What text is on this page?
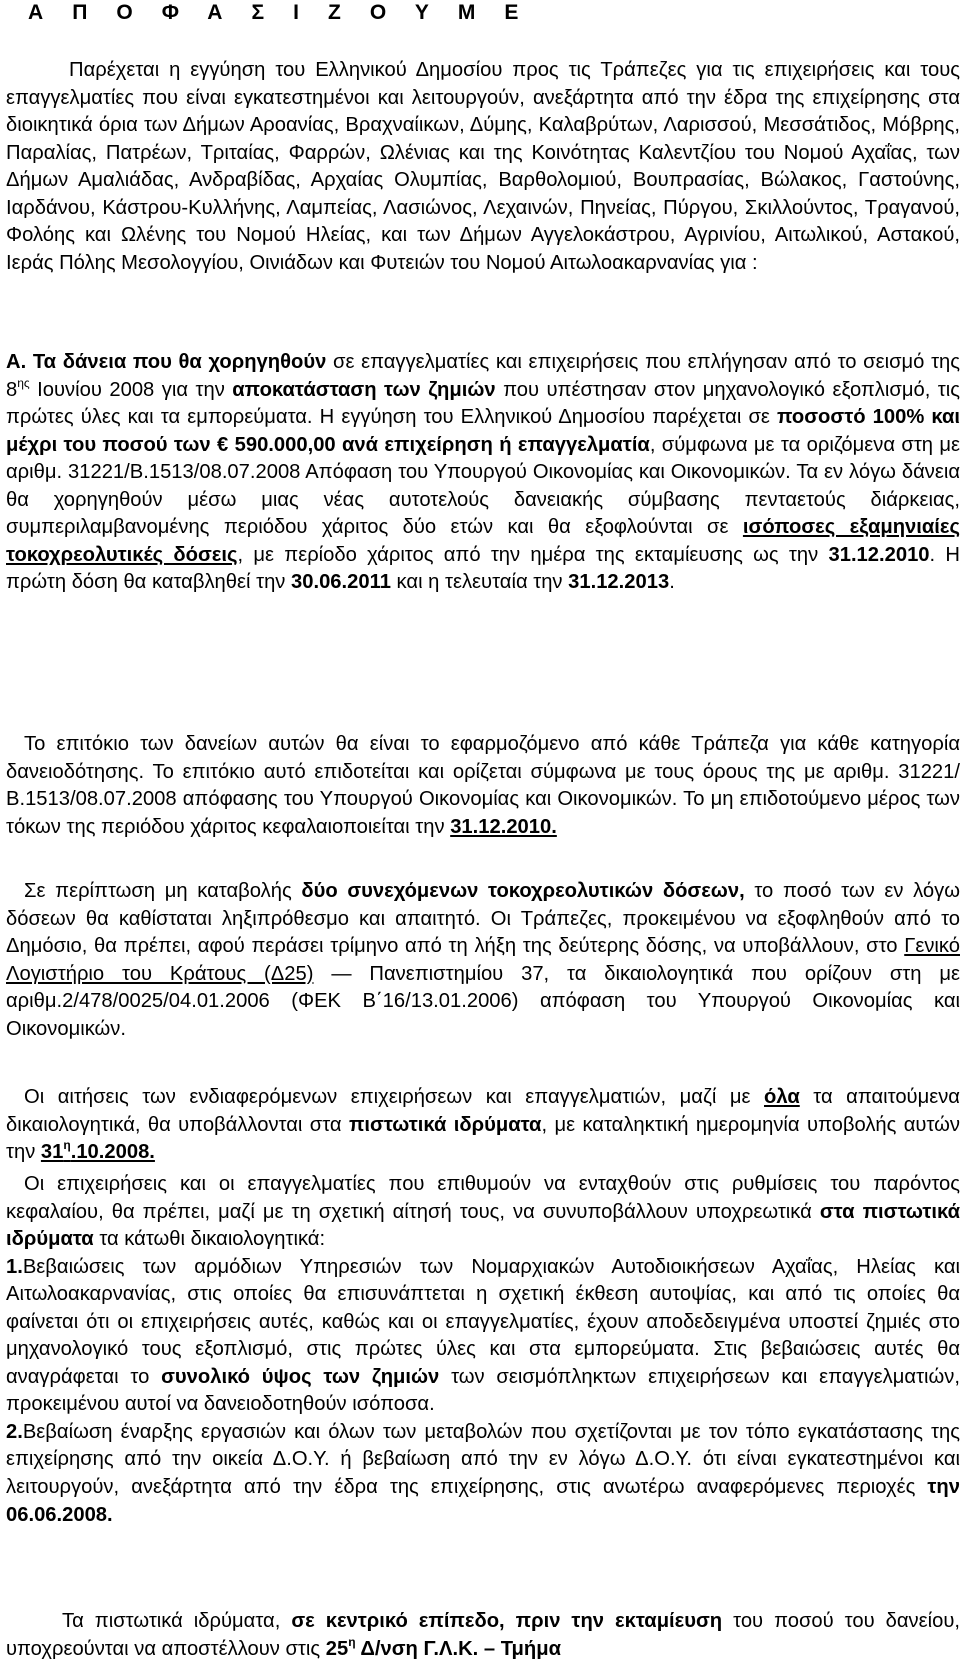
Α Π Ο Φ Α Σ Ι Ζ Ο Υ Μ Ε
Παρέχεται η εγγύηση του Ελληνικού Δημοσίου προς τις Τράπεζες για τις επιχειρήσεις και τους επαγγελματίες που είναι εγκατεστημένοι και λειτουργούν, ανεξάρτητα από την έδρα της επιχείρησης στα διοικητικά όρια των Δήμων Αροανίας, Βραχναίικων, Δύμης, Καλαβρύτων, Λαρισσού, Μεσσάτιδος, Μόβρης, Παραλίας, Πατρέων, Τριταίας, Φαρρών, Ωλένιας και της Κοινότητας Καλεντζίου του Νομού Αχαΐας, των Δήμων Αμαλιάδας, Ανδραβίδας, Αρχαίας Ολυμπίας, Βαρθολομιού, Βουπρασίας, Βώλακος, Γαστούνης, Ιαρδάνου, Κάστρου-Κυλλήνης, Λαμπείας, Λασιώνος, Λεχαινών, Πηνείας, Πύργου, Σκιλλούντος, Τραγανού, Φολόης και Ωλένης του Νομού Ηλείας, και των Δήμων Αγγελοκάστρου, Αγρινίου, Αιτωλικού, Αστακού, Ιεράς Πόλης Μεσολογγίου, Οινιάδων και Φυτειών του Νομού Αιτωλοακαρνανίας για :
Α. Τα δάνεια που θα χορηγηθούν σε επαγγελματίες και επιχειρήσεις που επλήγησαν από το σεισμό της $8^{\eta\varsigma}$ Ιουνίου 2008 για την αποκατάσταση των ζημιών που υπέστησαν στον μηχανολογικό εξοπλισμό, τις πρώτες ύλες και τα εμπορεύματα. Η εγγύηση του Ελληνικού Δημοσίου παρέχεται σε ποσοστό 100% και μέχρι του ποσού των € 590.000,00 ανά επιχείρηση ή επαγγελματία, σύμφωνα με τα οριζόμενα στη με αριθμ. 31221/Β.1513/08.07.2008 Απόφαση του Υπουργού Οικονομίας και Οικονομικών. Τα εν λόγω δάνεια θα χορηγηθούν μέσω μιας νέας αυτοτελούς δανειακής σύμβασης πενταετούς διάρκειας, συμπεριλαμβανομένης περιόδου χάριτος δύο ετών και θα εξοφλούνται σε ισόποσες εξαμηνιαίες τοκοχρεολυτικές δόσεις, με περίοδο χάριτος από την ημέρα της εκταμίευσης ως την 31.12.2010. Η πρώτη δόση θα καταβληθεί την 30.06.2011 και η τελευταία την 31.12.2013.
Το επιτόκιο των δανείων αυτών θα είναι το εφαρμοζόμενο από κάθε Τράπεζα για κάθε κατηγορία δανειοδότησης. Το επιτόκιο αυτό επιδοτείται και ορίζεται σύμφωνα με τους όρους της με αριθμ. 31221/Β.1513/08.07.2008 απόφασης του Υπουργού Οικονομίας και Οικονομικών. Το μη επιδοτούμενο μέρος των τόκων της περιόδου χάριτος κεφαλαιοποιείται την 31.12.2010.
Σε περίπτωση μη καταβολής δύο συνεχόμενων τοκοχρεολυτικών δόσεων, το ποσό των εν λόγω δόσεων θα καθίσταται ληξιπρόθεσμο και απαιτητό. Οι Τράπεζες, προκειμένου να εξοφληθούν από το Δημόσιο, θα πρέπει, αφού περάσει τρίμηνο από τη λήξη της δεύτερης δόσης, να υποβάλλουν, στο Γενικό Λογιστήριο του Κράτους (Δ25) — Πανεπιστημίου 37, τα δικαιολογητικά που ορίζουν στη με αριθμ.2/478/0025/04.01.2006 (ΦΕΚ Β΄16/13.01.2006) απόφαση του Υπουργού Οικονομίας και Οικονομικών.
Οι αιτήσεις των ενδιαφερόμενων επιχειρήσεων και επαγγελματιών, μαζί με όλα τα απαιτούμενα δικαιολογητικά, θα υποβάλλονται στα πιστωτικά ιδρύματα, με καταληκτική ημερομηνία υποβολής αυτών την $31^\eta.10.2008$.
Οι επιχειρήσεις και οι επαγγελματίες που επιθυμούν να ενταχθούν στις ρυθμίσεις του παρόντος κεφαλαίου, θα πρέπει, μαζί με τη σχετική αίτησή τους, να συνυποβάλλουν υποχρεωτικά στα πιστωτικά ιδρύματα τα κάτωθι δικαιολογητικά:
1.Βεβαιώσεις των αρμόδιων Υπηρεσιών των Νομαρχιακών Αυτοδιοικήσεων Αχαΐας, Ηλείας και Αιτωλοακαρνανίας, στις οποίες θα επισυνάπτεται η σχετική έκθεση αυτοψίας, και από τις οποίες θα φαίνεται ότι οι επιχειρήσεις αυτές, καθώς και οι επαγγελματίες, έχουν αποδεδειγμένα υποστεί ζημιές στο μηχανολογικό τους εξοπλισμό, στις πρώτες ύλες και στα εμπορεύματα. Στις βεβαιώσεις αυτές θα αναγράφεται το συνολικό ύψος των ζημιών των σεισμόπληκτων επιχειρήσεων και επαγγελματιών, προκειμένου αυτοί να δανειοδοτηθούν ισόποσα.
2.Βεβαίωση έναρξης εργασιών και όλων των μεταβολών που σχετίζονται με τον τόπο εγκατάστασης της επιχείρησης από την οικεία Δ.Ο.Υ. ή βεβαίωση από την εν λόγω Δ.Ο.Υ. ότι είναι εγκατεστημένοι και λειτουργούν, ανεξάρτητα από την έδρα της επιχείρησης, στις ανωτέρω αναφερόμενες περιοχές την 06.06.2008.
Τα πιστωτικά ιδρύματα, σε κεντρικό επίπεδο, πριν την εκταμίευση του ποσού του δανείου, υποχρεούνται να αποστέλλουν στις $25^\eta$ Δ/νση Γ.Λ.Κ. – Τμήμα
